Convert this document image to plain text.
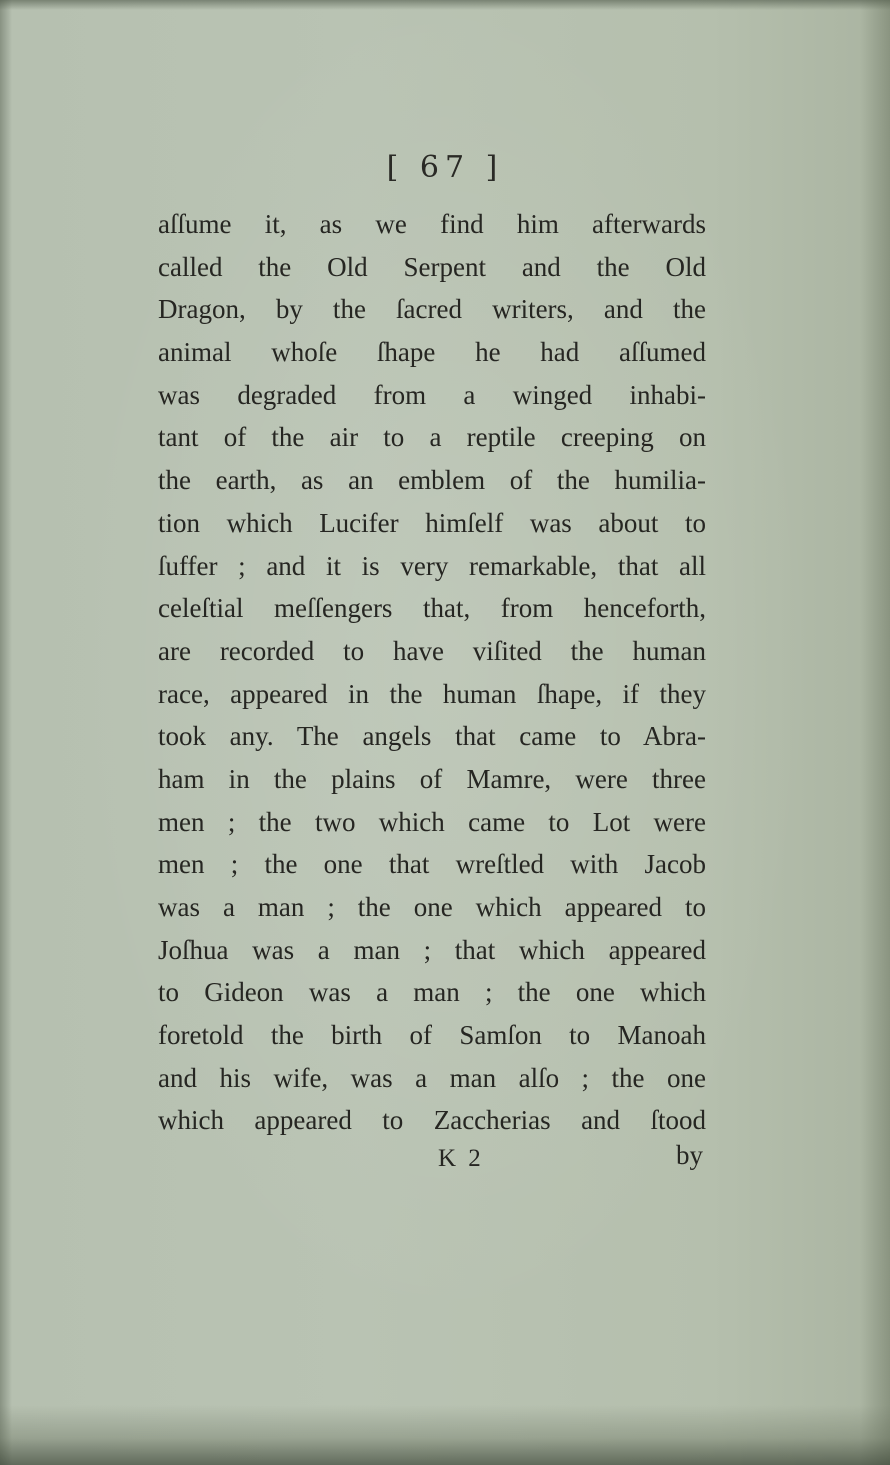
[ 67 ]
aſſume it, as we find him afterwards
called the Old Serpent and the Old
Dragon, by the ſacred writers, and the
animal whoſe ſhape he had aſſumed
was degraded from a winged inhabi-
tant of the air to a reptile creeping on
the earth, as an emblem of the humilia-
tion which Lucifer himſelf was about to
ſuffer ; and it is very remarkable, that all
celeſtial meſſengers that, from henceforth,
are recorded to have viſited the human
race, appeared in the human ſhape, if they
took any. The angels that came to Abra-
ham in the plains of Mamre, were three
men ; the two which came to Lot were
men ; the one that wreſtled with Jacob
was a man ; the one which appeared to
Joſhua was a man ; that which appeared
to Gideon was a man ; the one which
foretold the birth of Samſon to Manoah
and his wife, was a man alſo ; the one
which appeared to Zaccherias and ſtood
K 2	by
